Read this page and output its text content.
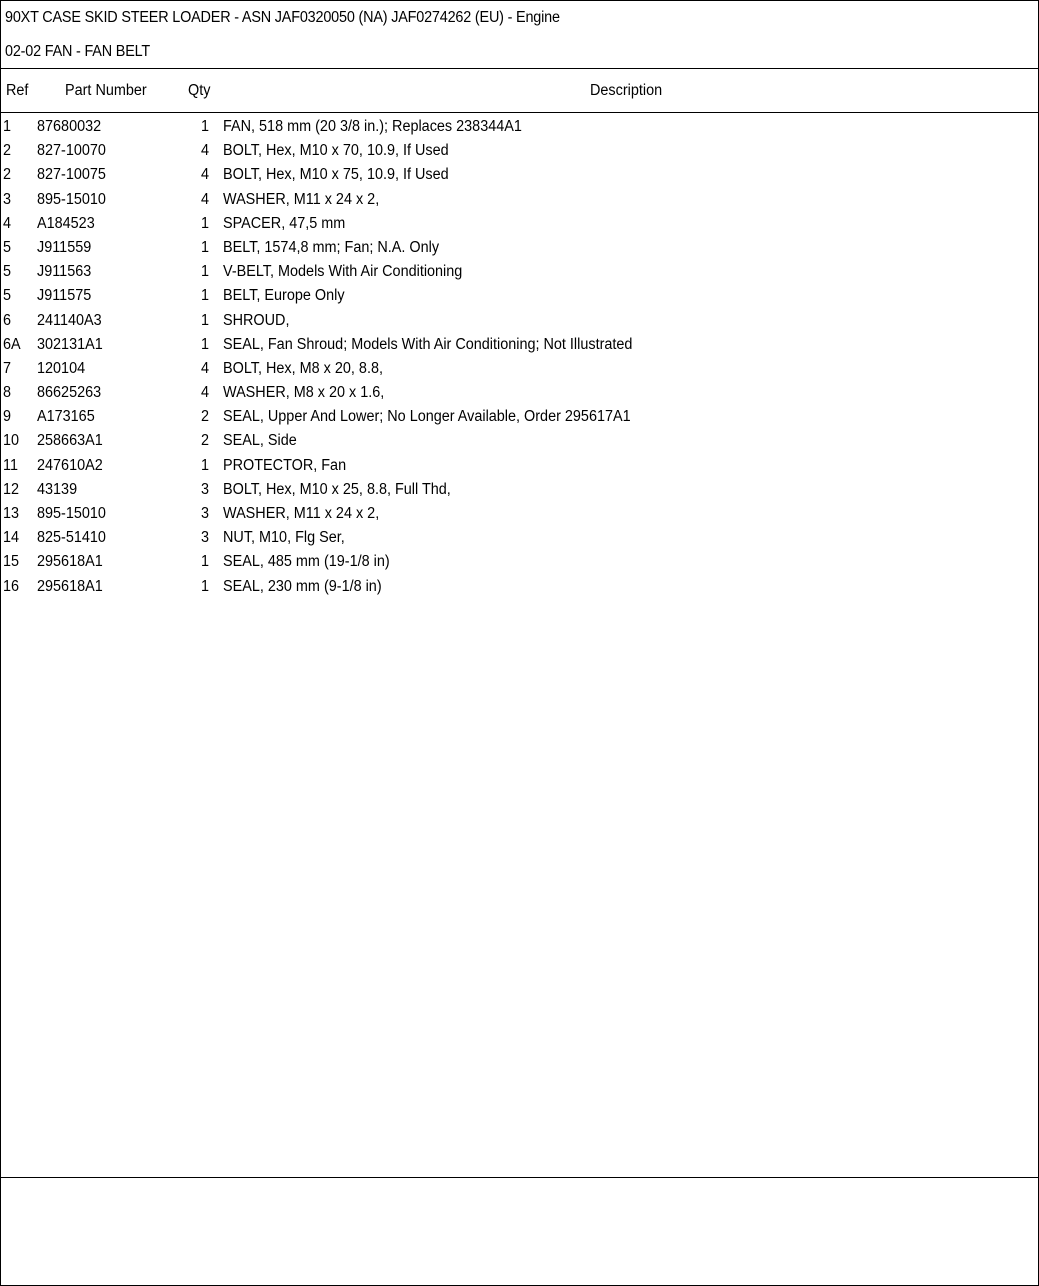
90XT CASE SKID STEER LOADER - ASN JAF0320050 (NA) JAF0274262 (EU) - Engine
02-02 FAN - FAN BELT
Ref Part Number	Qty	Description
1 87680032	1 FAN, 518 mm (20 3/8 in.); Replaces 238344A1
2 827-10070	4 BOLT, Hex, M10 x 70, 10.9, If Used
2 827-10075	4 BOLT, Hex, M10 x 75, 10.9, If Used
3 895-15010	4 WASHER, M11 x 24 x 2,
4 A184523	1 SPACER, 47,5 mm
5 J911559	1 BELT, 1574,8 mm; Fan; N.A. Only
5 J911563	1 V-BELT, Models With Air Conditioning
5 J911575	1 BELT, Europe Only
6 241140A3	1 SHROUD,
6A 302131A1	1 SEAL, Fan Shroud; Models With Air Conditioning; Not Illustrated
7 120104	4 BOLT, Hex, M8 x 20, 8.8,
8 86625263	4 WASHER, M8 x 20 x 1.6,
9 A173165	2 SEAL, Upper And Lower; No Longer Available, Order 295617A1
10 258663A1	2 SEAL, Side
11 247610A2	1 PROTECTOR, Fan
12 43139	3 BOLT, Hex, M10 x 25, 8.8, Full Thd,
13 895-15010	3 WASHER, M11 x 24 x 2,
14 825-51410	3 NUT, M10, Flg Ser,
15 295618A1	1 SEAL, 485 mm (19-1/8 in)
16 295618A1	1 SEAL, 230 mm (9-1/8 in)
